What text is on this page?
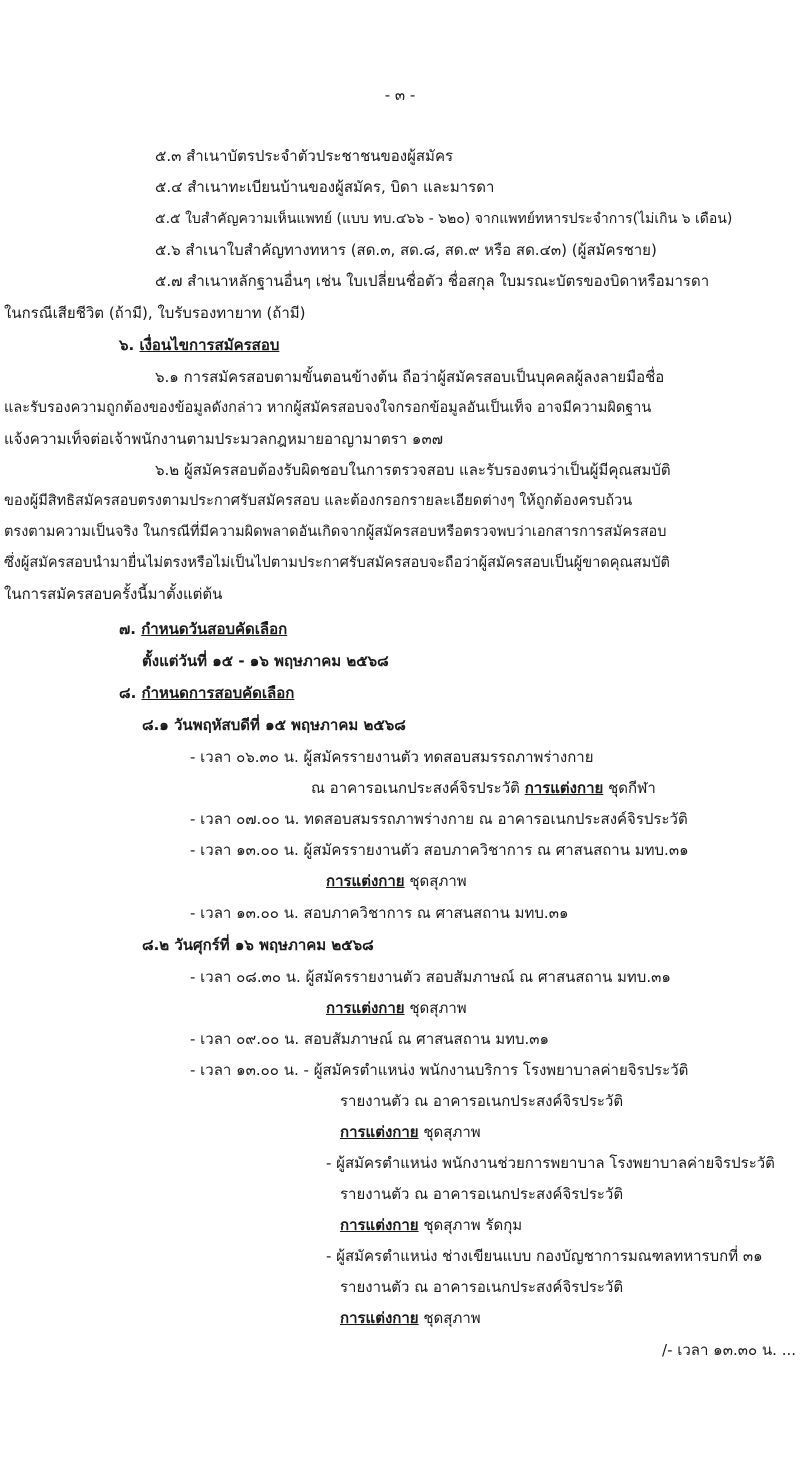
- ๓ -
๕.๓ สำเนาบัตรประจำตัวประชาชนของผู้สมัคร
๕.๔ สำเนาทะเบียนบ้านของผู้สมัคร, บิดา และมารดา
๕.๕ ใบสำคัญความเห็นแพทย์ (แบบ ทบ.๔๖๖ - ๖๒๐) จากแพทย์ทหารประจำการ(ไม่เกิน ๖ เดือน)
๕.๖ สำเนาใบสำคัญทางทหาร (สด.๓, สด.๘, สด.๙ หรือ สด.๔๓) (ผู้สมัครชาย)
๕.๗ สำเนาหลักฐานอื่นๆ เช่น ใบเปลี่ยนชื่อตัว ชื่อสกุล ใบมรณะบัตรของบิดาหรือมารดา
ในกรณีเสียชีวิต (ถ้ามี), ใบรับรองทายาท (ถ้ามี)
๖. เงื่อนไขการสมัครสอบ
๖.๑ การสมัครสอบตามขั้นตอนข้างต้น ถือว่าผู้สมัครสอบเป็นบุคคลผู้ลงลายมือชื่อ
และรับรองความถูกต้องของข้อมูลดังกล่าว หากผู้สมัครสอบจงใจกรอกข้อมูลอันเป็นเท็จ อาจมีความผิดฐาน
แจ้งความเท็จต่อเจ้าพนักงานตามประมวลกฎหมายอาญามาตรา ๑๓๗
๖.๒ ผู้สมัครสอบต้องรับผิดชอบในการตรวจสอบ และรับรองตนว่าเป็นผู้มีคุณสมบัติ
ของผู้มีสิทธิสมัครสอบตรงตามประกาศรับสมัครสอบ และต้องกรอกรายละเอียดต่างๆ ให้ถูกต้องครบถ้วน
ตรงตามความเป็นจริง ในกรณีที่มีความผิดพลาดอันเกิดจากผู้สมัครสอบหรือตรวจพบว่าเอกสารการสมัครสอบ
ซึ่งผู้สมัครสอบนำมายื่นไม่ตรงหรือไม่เป็นไปตามประกาศรับสมัครสอบจะถือว่าผู้สมัครสอบเป็นผู้ขาดคุณสมบัติ
ในการสมัครสอบครั้งนี้มาตั้งแต่ต้น
๗. กำหนดวันสอบคัดเลือก
ตั้งแต่วันที่ ๑๕ - ๑๖ พฤษภาคม ๒๕๖๘
๘. กำหนดการสอบคัดเลือก
๘.๑ วันพฤหัสบดีที่ ๑๕ พฤษภาคม ๒๕๖๘
- เวลา ๐๖.๓๐ น. ผู้สมัครรายงานตัว ทดสอบสมรรถภาพร่างกาย
ณ อาคารอเนกประสงค์จิรประวัติ การแต่งกาย ชุดกีฬา
- เวลา ๐๗.๐๐ น. ทดสอบสมรรถภาพร่างกาย ณ อาคารอเนกประสงค์จิรประวัติ
- เวลา ๑๓.๐๐ น. ผู้สมัครรายงานตัว สอบภาควิชาการ ณ ศาสนสถาน มทบ.๓๑
การแต่งกาย ชุดสุภาพ
- เวลา ๑๓.๐๐ น. สอบภาควิชาการ ณ ศาสนสถาน มทบ.๓๑
๘.๒ วันศุกร์ที่ ๑๖ พฤษภาคม ๒๕๖๘
- เวลา ๐๘.๓๐ น. ผู้สมัครรายงานตัว สอบสัมภาษณ์ ณ ศาสนสถาน มทบ.๓๑
การแต่งกาย ชุดสุภาพ
- เวลา ๐๙.๐๐ น. สอบสัมภาษณ์ ณ ศาสนสถาน มทบ.๓๑
- เวลา ๑๓.๐๐ น. - ผู้สมัครตำแหน่ง พนักงานบริการ โรงพยาบาลค่ายจิรประวัติ
รายงานตัว ณ อาคารอเนกประสงค์จิรประวัติ
การแต่งกาย ชุดสุภาพ
- ผู้สมัครตำแหน่ง พนักงานช่วยการพยาบาล โรงพยาบาลค่ายจิรประวัติ
รายงานตัว ณ อาคารอเนกประสงค์จิรประวัติ
การแต่งกาย ชุดสุภาพ รัดกุม
- ผู้สมัครตำแหน่ง ช่างเขียนแบบ กองบัญชาการมณฑลทหารบกที่ ๓๑
รายงานตัว ณ อาคารอเนกประสงค์จิรประวัติ
การแต่งกาย ชุดสุภาพ
/- เวลา ๑๓.๓๐ น. ...
